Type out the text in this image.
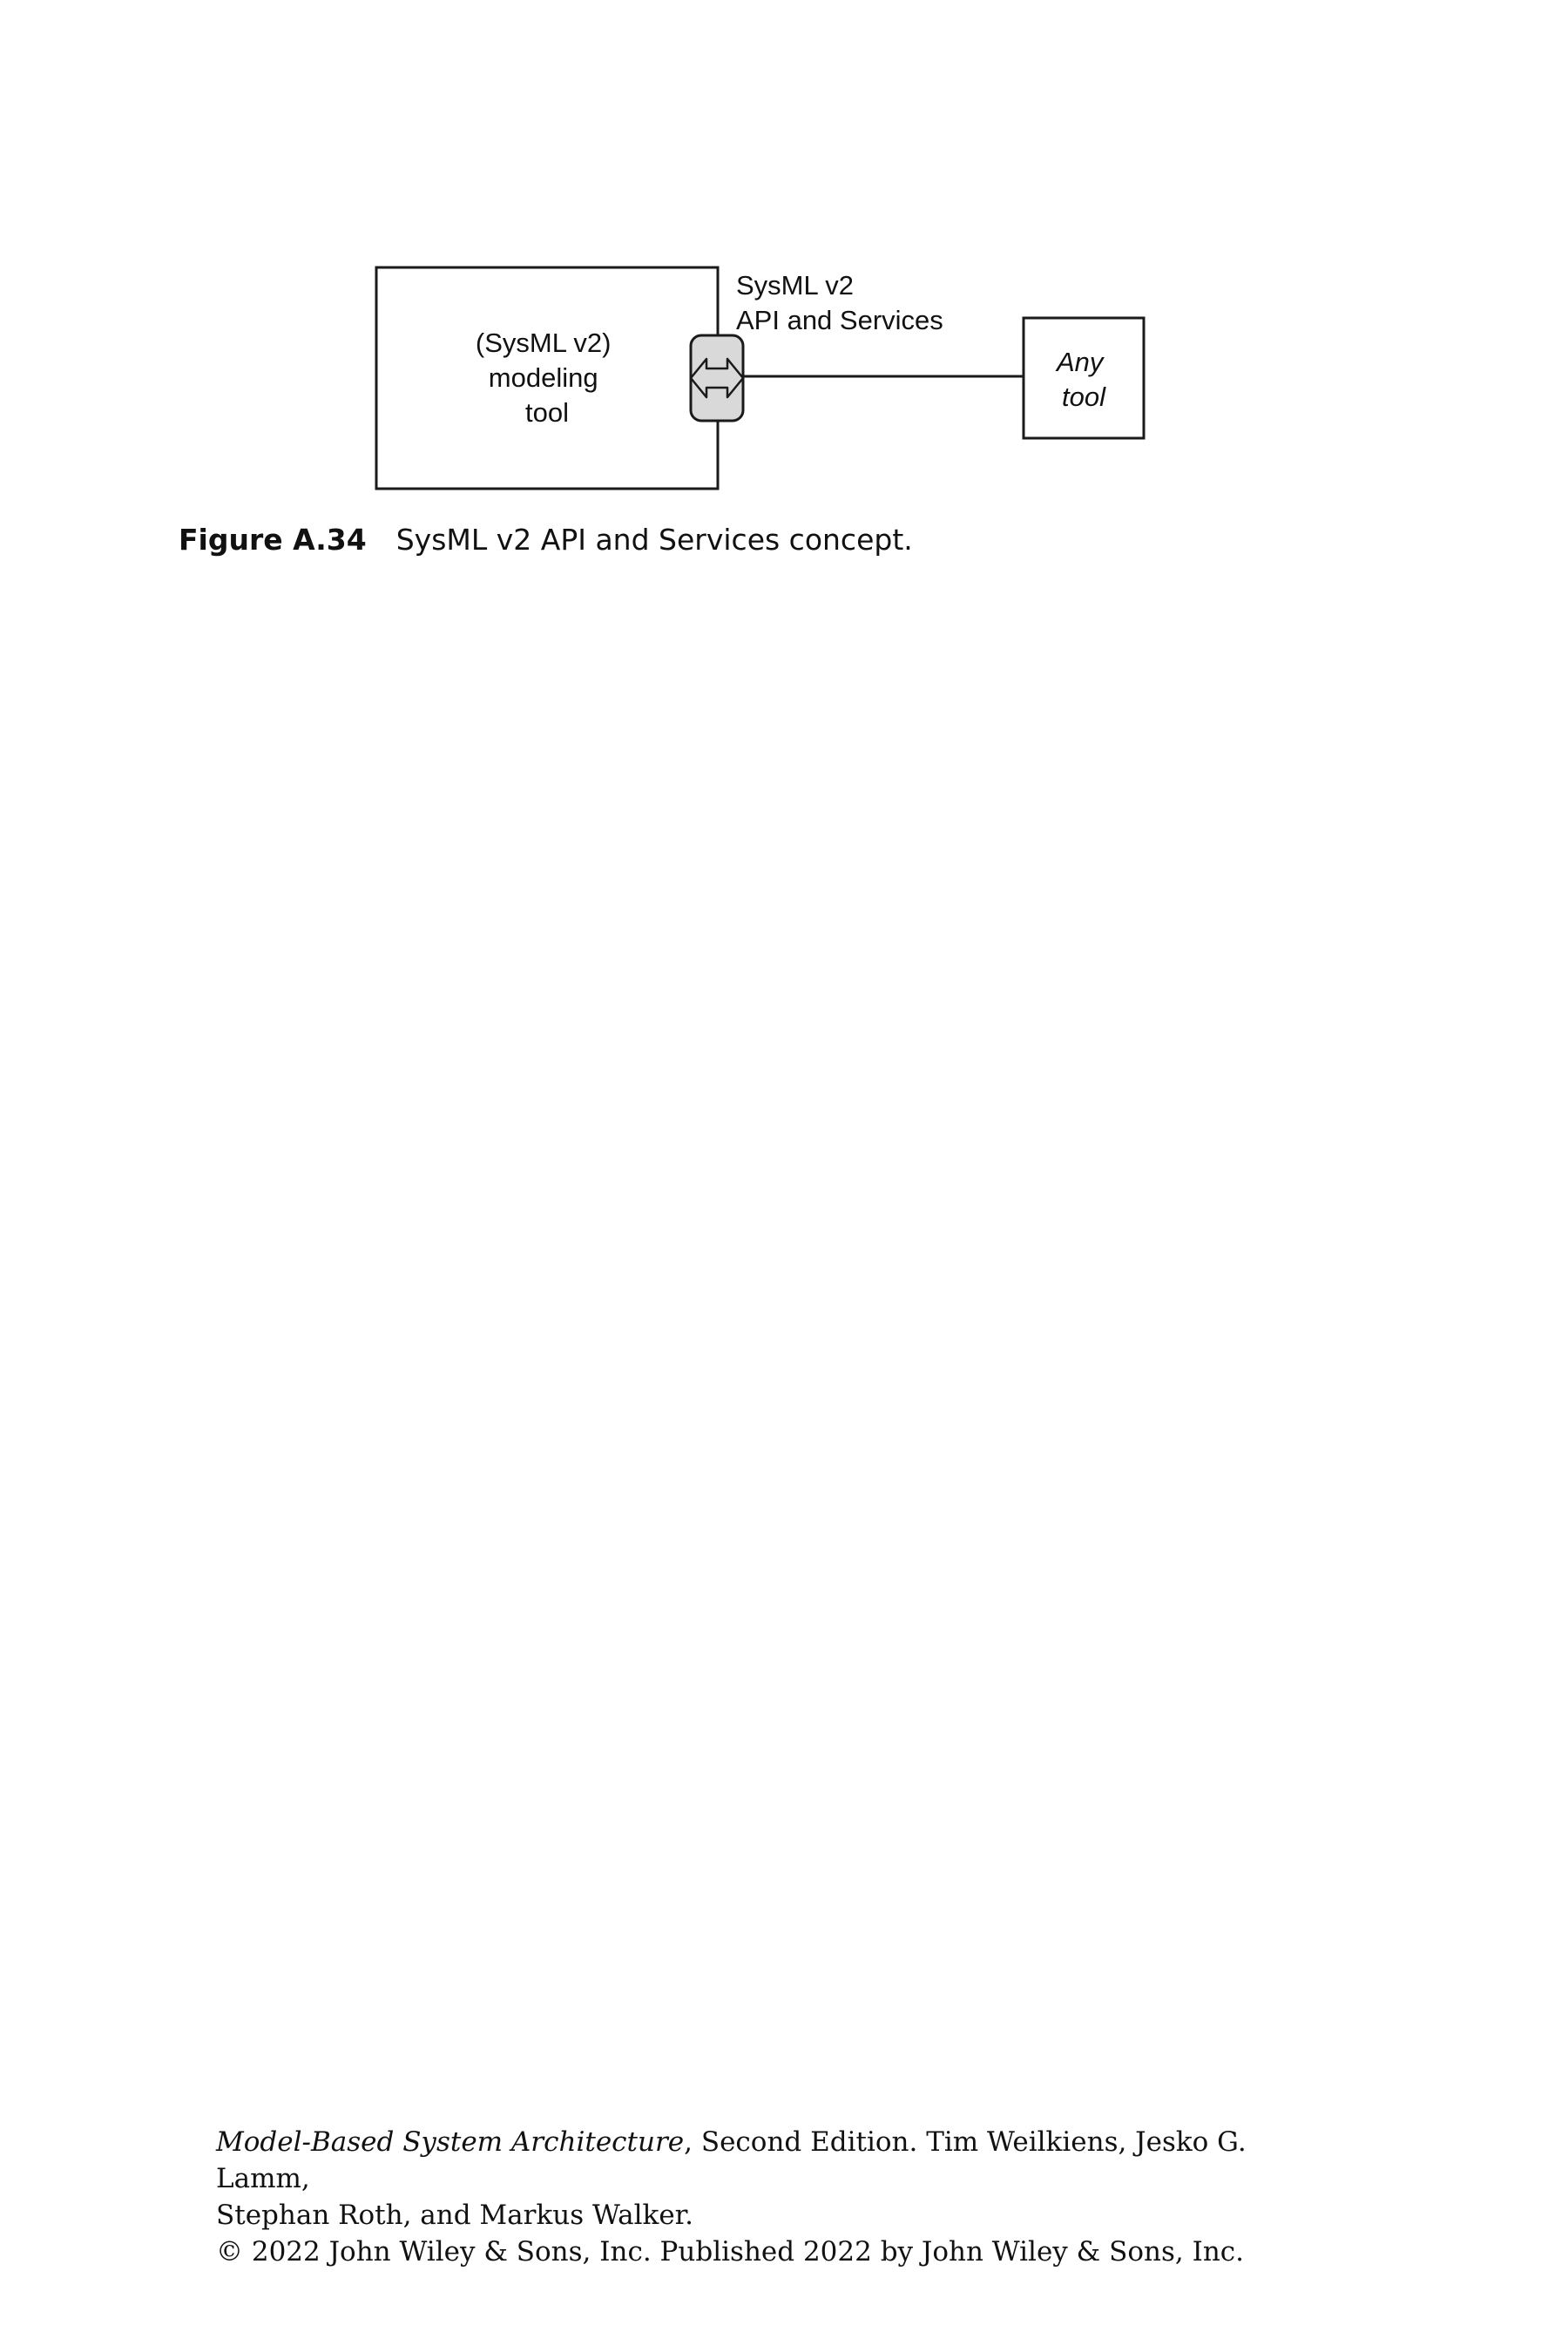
(SysML v2) modeling tool
SysML v2 API and Services
Any tool
Figure A.34 SysML v2 API and Services concept.

Model-Based System Architecture, Second Edition. Tim Weilkiens, Jesko G. Lamm,

Stephan Roth, and Markus Walker.

© 2022 John Wiley & Sons, Inc. Published 2022 by John Wiley & Sons, Inc.
